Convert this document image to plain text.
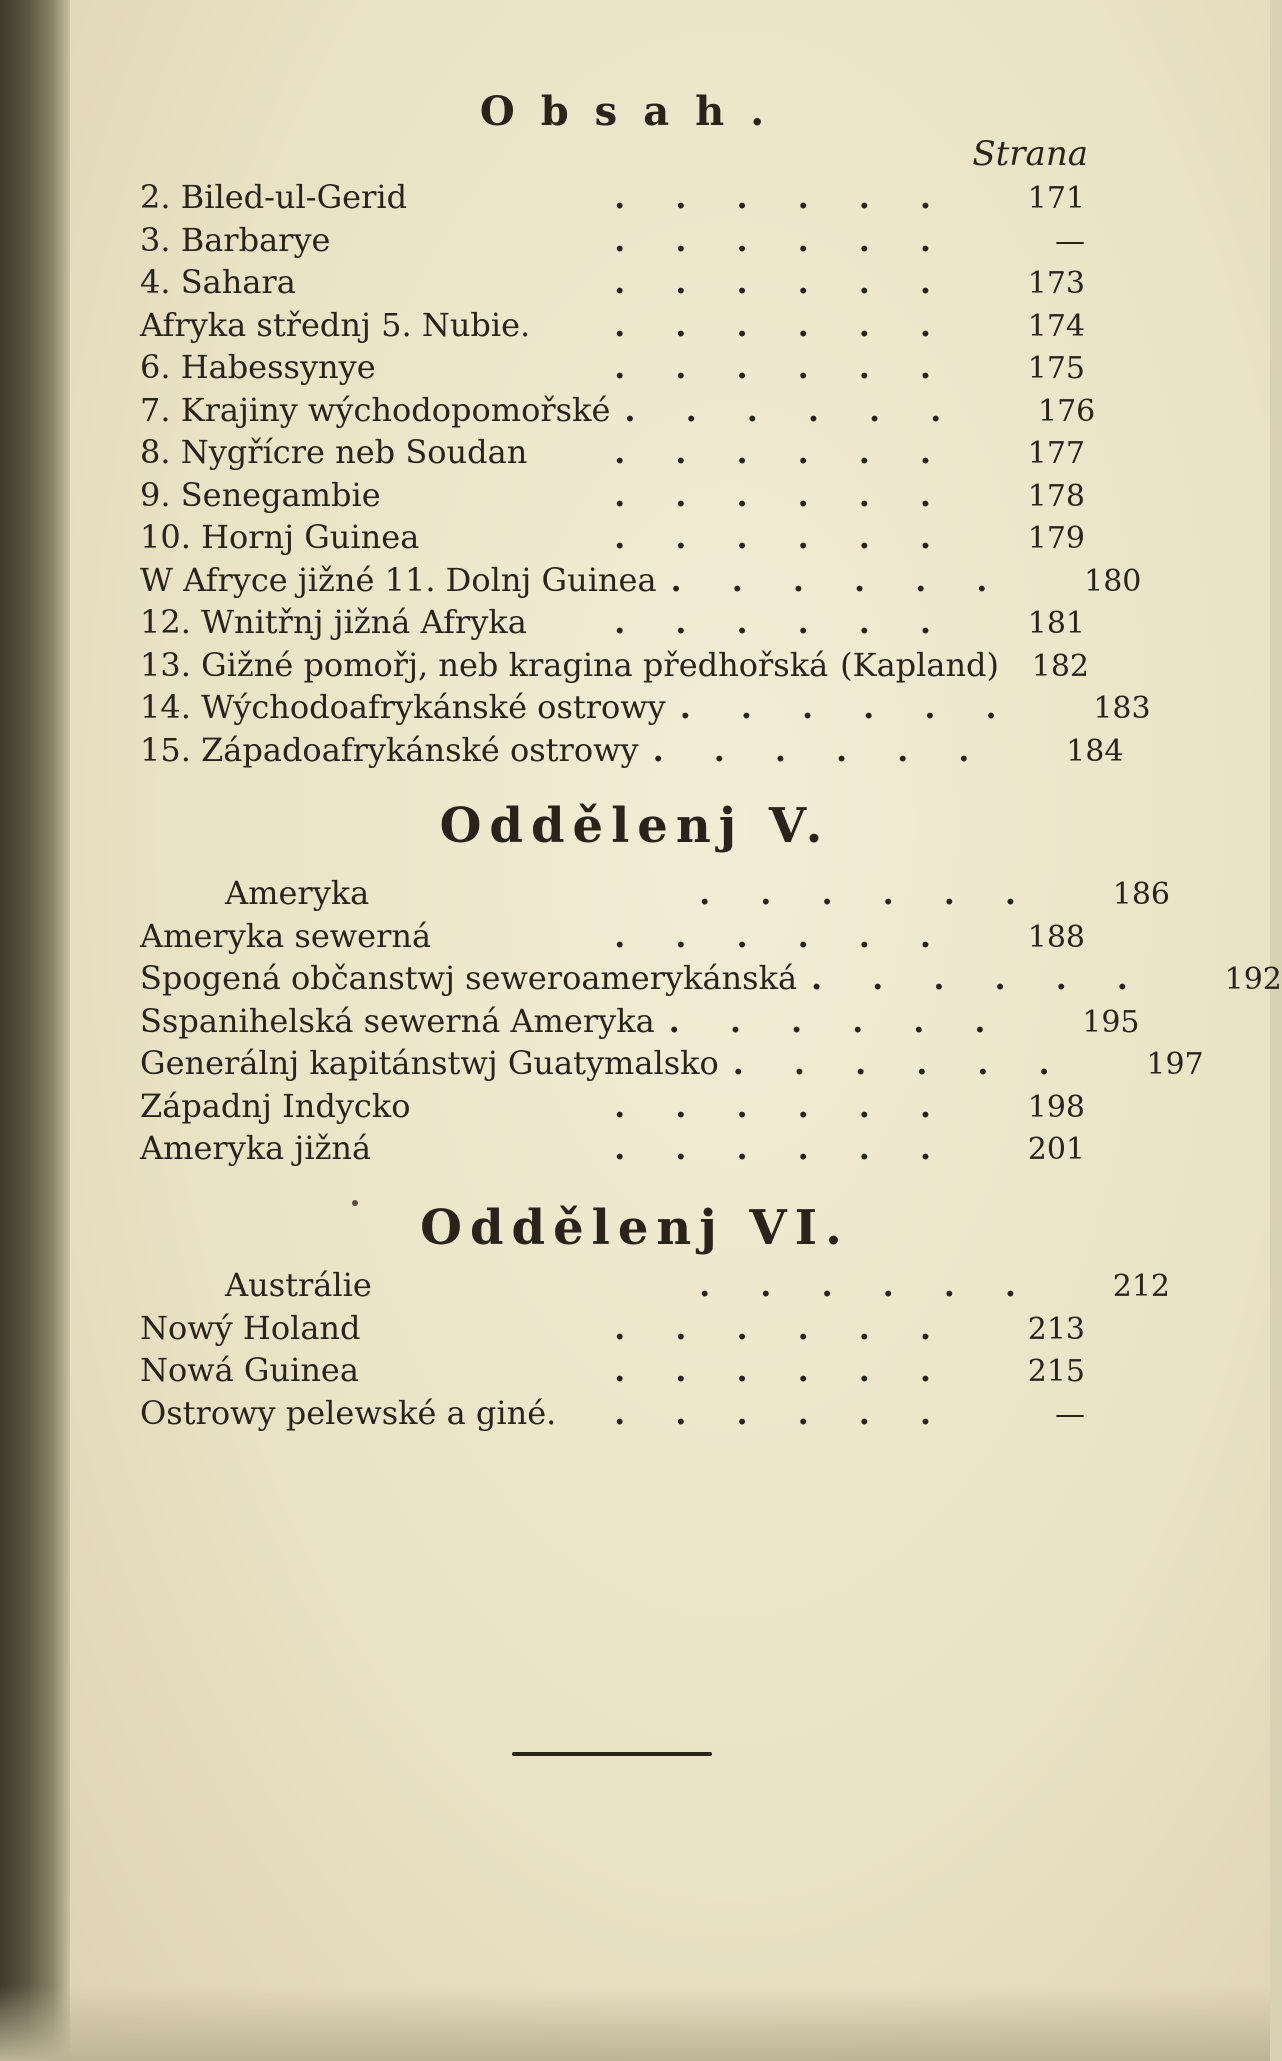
Obsah.
Strana
2. Biled-ul-Gerid	......	171
3. Barbarye	......	—
4. Sahara	......	173
Afryka střednj 5. Nubie.	......	174
6. Habessynye	......	175
7. Krajiny wýchodopomořské ......	176
8. Nygřícre neb Soudan	......	177
9. Senegambie	......	178
10. Hornj Guinea	......	179
W Afryce jižné 11. Dolnj Guinea ......	180
12. Wnitřnj jižná Afryka	......	181
13. Gižné pomořj, neb kragina předhořská (Kapland)	182
14. Wýchodoafrykánské ostrowy ......	183
15. Západoafrykánské ostrowy ......	184
Oddělenj V.
Ameryka	......	186
Ameryka sewerná	......	188
Spogená občanstwj seweroamerykánská ......	192
Sspanihelská sewerná Ameryka ......	195
Generálnj kapitánstwj Guatymalsko ......	197
Západnj Indycko	......	198
Ameryka jižná	......	201
Oddělenj VI.
Austrálie	......	212
Nowý Holand	......	213
Nowá Guinea	......	215
Ostrowy pelewské a giné.	......	—
